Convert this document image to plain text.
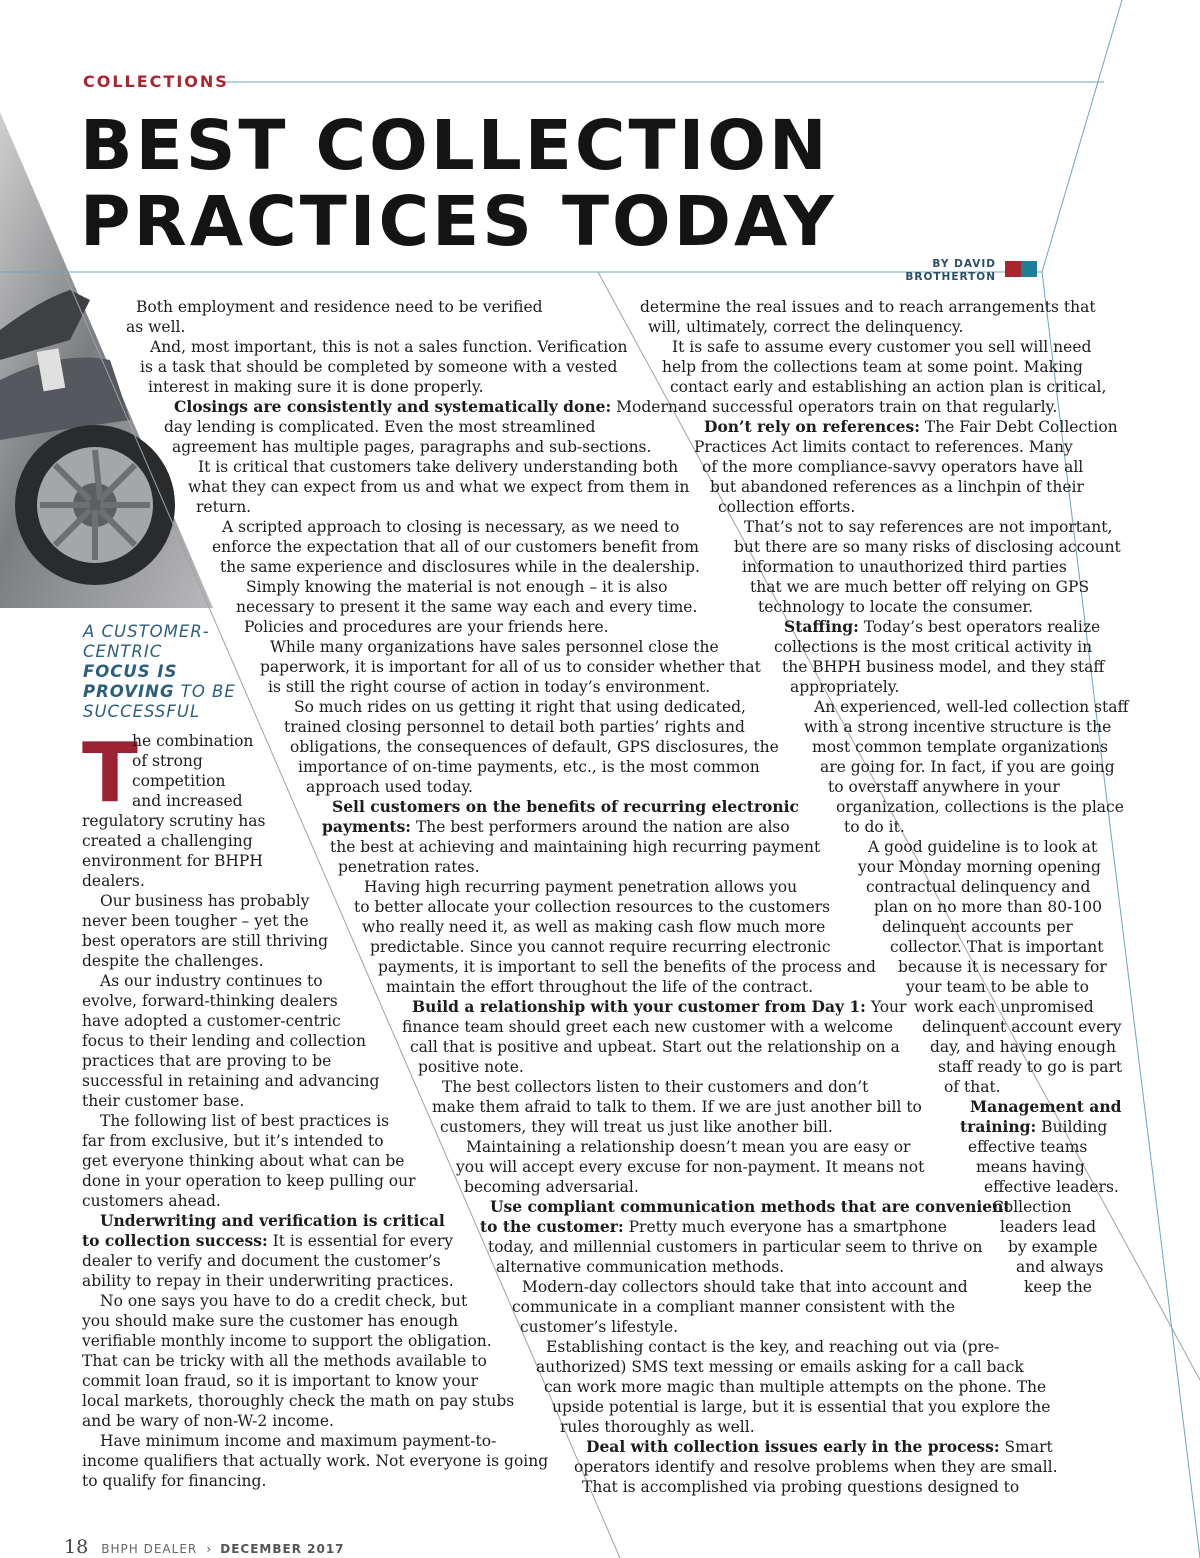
COLLECTIONS
BEST COLLECTION
PRACTICES TODAY
BY DAVID
BROTHERTON
A CUSTOMER-
CENTRIC
FOCUS IS
PROVING TO BE
SUCCESSFUL
T
he combination
of strong
competition
and increased
regulatory scrutiny has
created a challenging
environment for BHPH
dealers.
Our business has probably
never been tougher – yet the
best operators are still thriving
despite the challenges.
As our industry continues to
evolve, forward-thinking dealers
have adopted a customer-centric
focus to their lending and collection
practices that are proving to be
successful in retaining and advancing
their customer base.
The following list of best practices is
far from exclusive, but it’s intended to
get everyone thinking about what can be
done in your operation to keep pulling our
customers ahead.
Underwriting and verification is critical
to collection success: It is essential for every
dealer to verify and document the customer’s
ability to repay in their underwriting practices.
No one says you have to do a credit check, but
you should make sure the customer has enough
verifiable monthly income to support the obligation.
That can be tricky with all the methods available to
commit loan fraud, so it is important to know your
local markets, thoroughly check the math on pay stubs
and be wary of non-W-2 income.
Have minimum income and maximum payment-to-
income qualifiers that actually work. Not everyone is going
to qualify for financing.
Both employment and residence need to be verified
as well.
And, most important, this is not a sales function. Verification
is a task that should be completed by someone with a vested
interest in making sure it is done properly.
Closings are consistently and systematically done: Modern-
day lending is complicated. Even the most streamlined
agreement has multiple pages, paragraphs and sub-sections.
It is critical that customers take delivery understanding both
what they can expect from us and what we expect from them in
return.
A scripted approach to closing is necessary, as we need to
enforce the expectation that all of our customers benefit from
the same experience and disclosures while in the dealership.
Simply knowing the material is not enough – it is also
necessary to present it the same way each and every time.
Policies and procedures are your friends here.
While many organizations have sales personnel close the
paperwork, it is important for all of us to consider whether that
is still the right course of action in today’s environment.
So much rides on us getting it right that using dedicated,
trained closing personnel to detail both parties’ rights and
obligations, the consequences of default, GPS disclosures, the
importance of on-time payments, etc., is the most common
approach used today.
Sell customers on the benefits of recurring electronic
payments: The best performers around the nation are also
the best at achieving and maintaining high recurring payment
penetration rates.
Having high recurring payment penetration allows you
to better allocate your collection resources to the customers
who really need it, as well as making cash flow much more
predictable. Since you cannot require recurring electronic
payments, it is important to sell the benefits of the process and
maintain the effort throughout the life of the contract.
Build a relationship with your customer from Day 1: Your
finance team should greet each new customer with a welcome
call that is positive and upbeat. Start out the relationship on a
positive note.
The best collectors listen to their customers and don’t
make them afraid to talk to them. If we are just another bill to
customers, they will treat us just like another bill.
Maintaining a relationship doesn’t mean you are easy or
you will accept every excuse for non-payment. It means not
becoming adversarial.
Use compliant communication methods that are convenient
to the customer: Pretty much everyone has a smartphone
today, and millennial customers in particular seem to thrive on
alternative communication methods.
Modern-day collectors should take that into account and
communicate in a compliant manner consistent with the
customer’s lifestyle.
Establishing contact is the key, and reaching out via (pre-
authorized) SMS text messing or emails asking for a call back
can work more magic than multiple attempts on the phone. The
upside potential is large, but it is essential that you explore the
rules thoroughly as well.
Deal with collection issues early in the process: Smart
operators identify and resolve problems when they are small.
That is accomplished via probing questions designed to
determine the real issues and to reach arrangements that
will, ultimately, correct the delinquency.
It is safe to assume every customer you sell will need
help from the collections team at some point. Making
contact early and establishing an action plan is critical,
and successful operators train on that regularly.
Don’t rely on references: The Fair Debt Collection
Practices Act limits contact to references. Many
of the more compliance-savvy operators have all
but abandoned references as a linchpin of their
collection efforts.
That’s not to say references are not important,
but there are so many risks of disclosing account
information to unauthorized third parties
that we are much better off relying on GPS
technology to locate the consumer.
Staffing: Today’s best operators realize
collections is the most critical activity in
the BHPH business model, and they staff
appropriately.
An experienced, well-led collection staff
with a strong incentive structure is the
most common template organizations
are going for. In fact, if you are going
to overstaff anywhere in your
organization, collections is the place
to do it.
A good guideline is to look at
your Monday morning opening
contractual delinquency and
plan on no more than 80-100
delinquent accounts per
collector. That is important
because it is necessary for
your team to be able to
work each unpromised
delinquent account every
day, and having enough
staff ready to go is part
of that.
Management and
training: Building
effective teams
means having
effective leaders.
Collection
leaders lead
by example
and always
keep the
18 BHPH DEALER › DECEMBER 2017
